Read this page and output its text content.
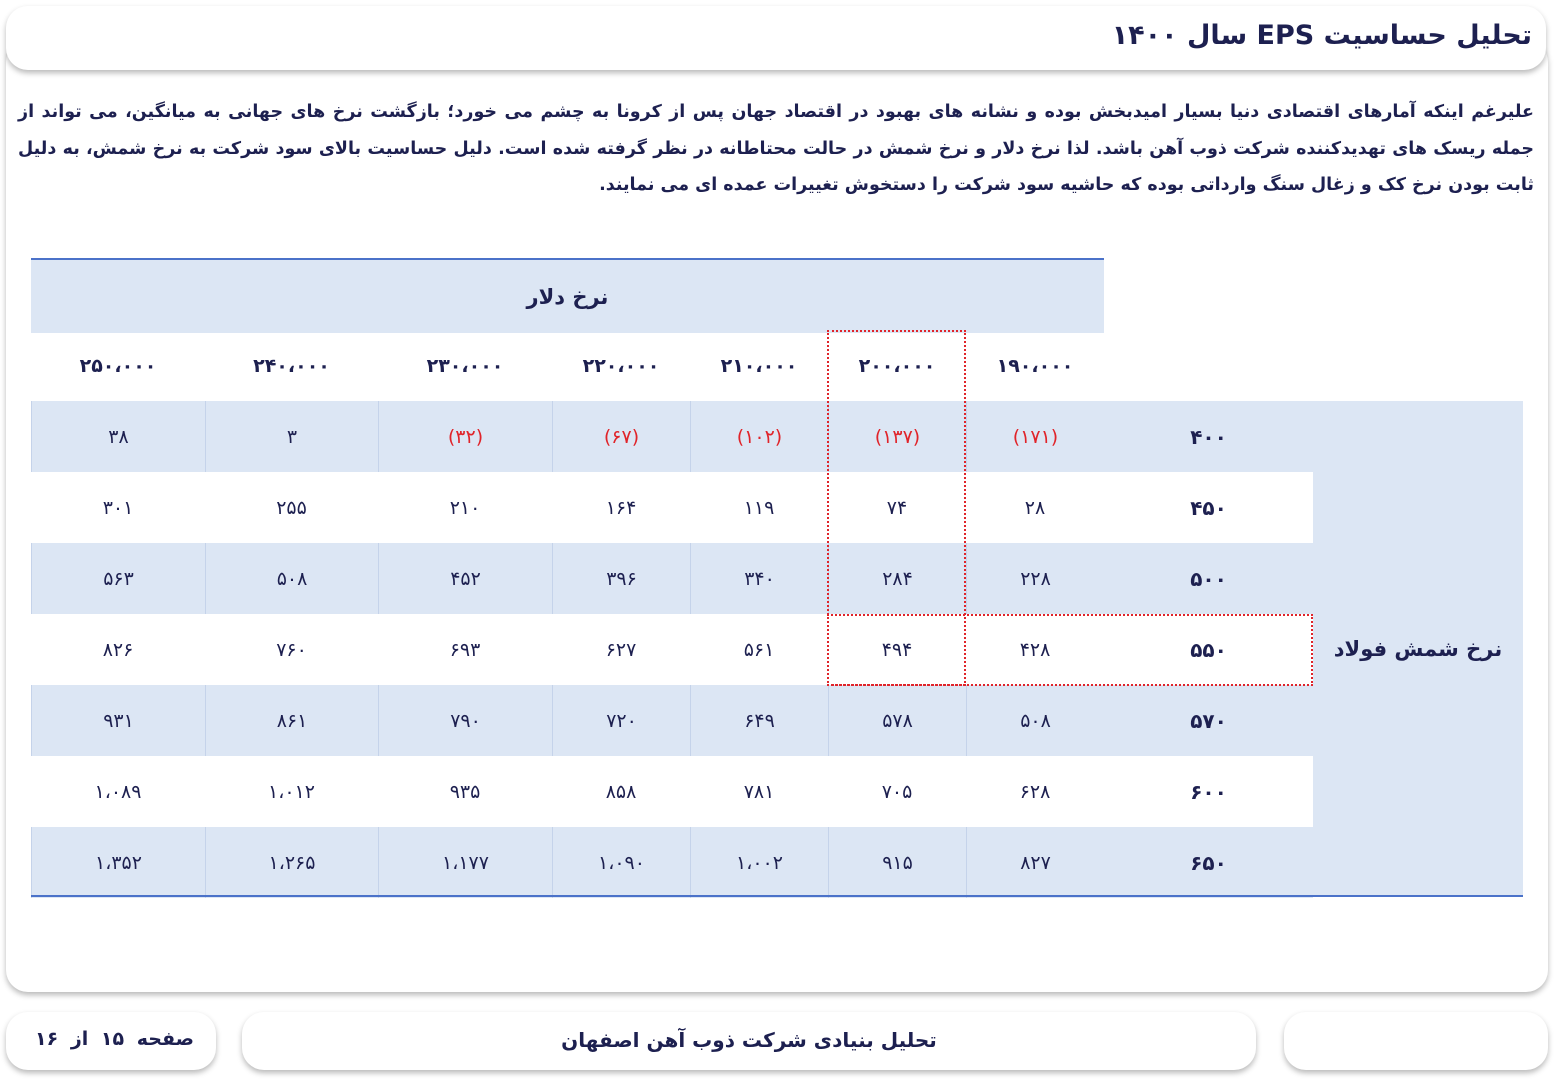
تحلیل حساسیت EPS سال ۱۴۰۰

علیرغم اینکه آمارهای اقتصادی دنیا بسیار امیدبخش بوده و نشانه های بهبود در اقتصاد جهان پس از کرونا به چشم می خورد؛ بازگشت نرخ های جهانی به میانگین، می تواند از جمله ریسک های تهدیدکننده شرکت ذوب آهن باشد. لذا نرخ دلار و نرخ شمش در حالت محتاطانه در نظر گرفته شده است. دلیل حساسیت بالای سود شرکت به نرخ شمش، به دلیل ثابت بودن نرخ کک و زغال سنگ وارداتی بوده که حاشیه سود شرکت را دستخوش تغییرات عمده ای می نمایند.

نرخ دلار
۱۹۰،۰۰۰
۲۰۰،۰۰۰
۲۱۰،۰۰۰
۲۲۰،۰۰۰
۲۳۰،۰۰۰
۲۴۰،۰۰۰
۲۵۰،۰۰۰
۴۰۰
(۱۷۱)
(۱۳۷)
(۱۰۲)
(۶۷)
(۳۲)
۳
۳۸
۴۵۰
۲۸
۷۴
۱۱۹
۱۶۴
۲۱۰
۲۵۵
۳۰۱
۵۰۰
۲۲۸
۲۸۴
۳۴۰
۳۹۶
۴۵۲
۵۰۸
۵۶۳
۵۵۰
۴۲۸
۴۹۴
۵۶۱
۶۲۷
۶۹۳
۷۶۰
۸۲۶
۵۷۰
۵۰۸
۵۷۸
۶۴۹
۷۲۰
۷۹۰
۸۶۱
۹۳۱
۶۰۰
۶۲۸
۷۰۵
۷۸۱
۸۵۸
۹۳۵
۱،۰۱۲
۱،۰۸۹
۶۵۰
۸۲۷
۹۱۵
۱،۰۰۲
۱،۰۹۰
۱،۱۷۷
۱،۲۶۵
۱،۳۵۲
نرخ شمش فولاد
تحلیل بنیادی شرکت ذوب آهن اصفهان
صفحه ۱۵ از ۱۶
